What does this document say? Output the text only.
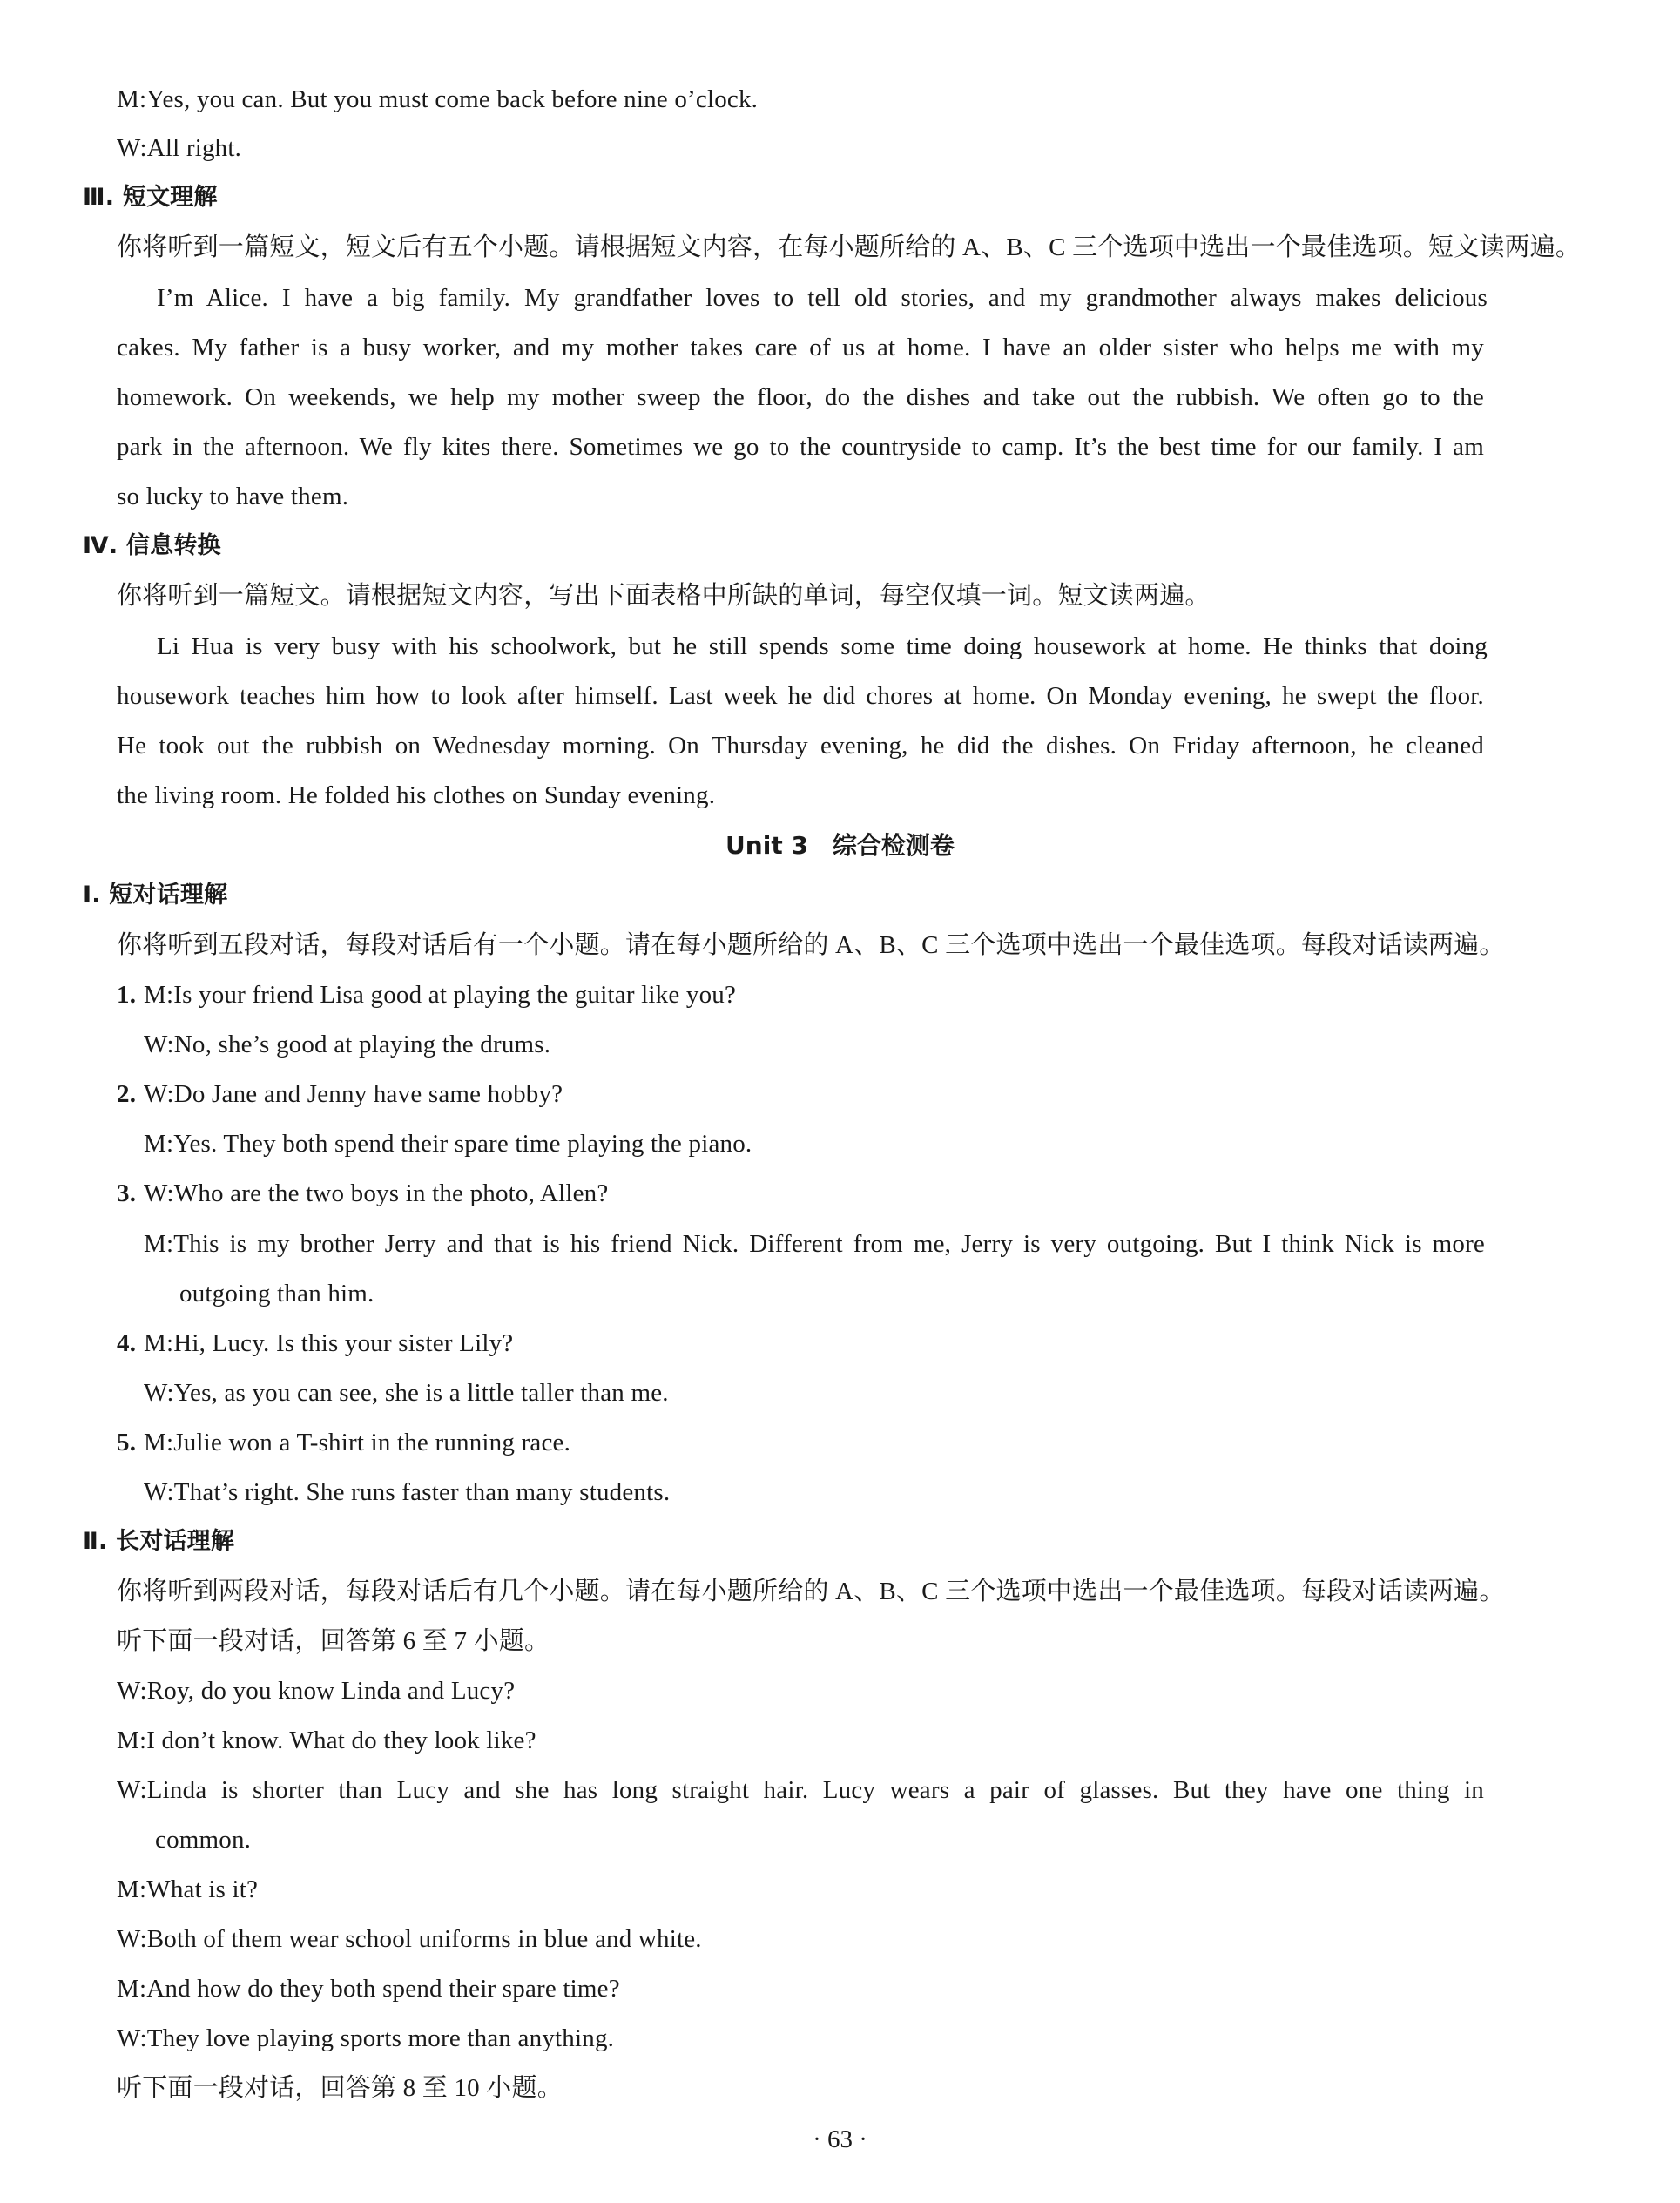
M:Yes, you can. But you must come back before nine o’clock.
W:All right.
Ⅲ. 短文理解
你将听到一篇短文，短文后有五个小题。请根据短文内容，在每小题所给的 A、B、C 三个选项中选出一个最佳选项。短文读两遍。
I’m Alice. I have a big family. My grandfather loves to tell old stories, and my grandmother always makes delicious
cakes. My father is a busy worker, and my mother takes care of us at home. I have an older sister who helps me with my
homework. On weekends, we help my mother sweep the floor, do the dishes and take out the rubbish. We often go to the
park in the afternoon. We fly kites there. Sometimes we go to the countryside to camp. It’s the best time for our family. I am
so lucky to have them.
Ⅳ. 信息转换
你将听到一篇短文。请根据短文内容，写出下面表格中所缺的单词，每空仅填一词。短文读两遍。
Li Hua is very busy with his schoolwork, but he still spends some time doing housework at home. He thinks that doing
housework teaches him how to look after himself. Last week he did chores at home. On Monday evening, he swept the floor.
He took out the rubbish on Wednesday morning. On Thursday evening, he did the dishes. On Friday afternoon, he cleaned
the living room. He folded his clothes on Sunday evening.
Unit 3　综合检测卷
Ⅰ. 短对话理解
你将听到五段对话，每段对话后有一个小题。请在每小题所给的 A、B、C 三个选项中选出一个最佳选项。每段对话读两遍。
1. M:Is your friend Lisa good at playing the guitar like you?
W:No, she’s good at playing the drums.
2. W:Do Jane and Jenny have same hobby?
M:Yes. They both spend their spare time playing the piano.
3. W:Who are the two boys in the photo, Allen?
M:This is my brother Jerry and that is his friend Nick. Different from me, Jerry is very outgoing. But I think Nick is more
outgoing than him.
4. M:Hi, Lucy. Is this your sister Lily?
W:Yes, as you can see, she is a little taller than me.
5. M:Julie won a T-shirt in the running race.
W:That’s right. She runs faster than many students.
Ⅱ. 长对话理解
你将听到两段对话，每段对话后有几个小题。请在每小题所给的 A、B、C 三个选项中选出一个最佳选项。每段对话读两遍。
听下面一段对话，回答第 6 至 7 小题。
W:Roy, do you know Linda and Lucy?
M:I don’t know. What do they look like?
W:Linda is shorter than Lucy and she has long straight hair. Lucy wears a pair of glasses. But they have one thing in
common.
M:What is it?
W:Both of them wear school uniforms in blue and white.
M:And how do they both spend their spare time?
W:They love playing sports more than anything.
听下面一段对话，回答第 8 至 10 小题。
· 63 ·
